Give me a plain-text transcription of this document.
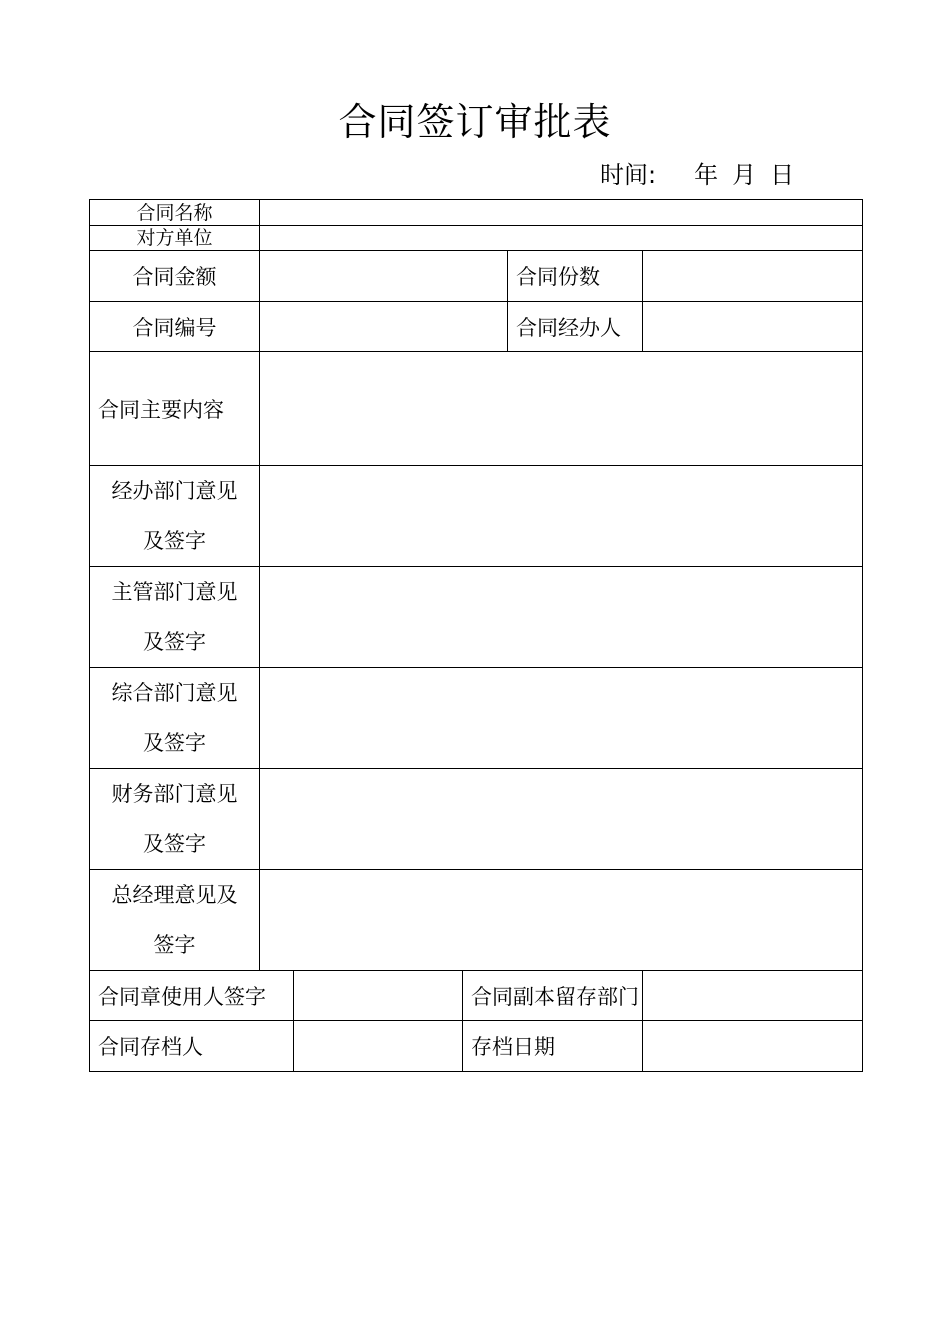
合同签订审批表
时间: 年 月 日
合同名称					
对方单位					
合同金额				合同份数	
合同编号				合同经办人	
合同主要内容					

经办部门意见
及签字					

主管部门意见
及签字					

综合部门意见
及签字					

财务部门意见
及签字					

总经理意见及
签字					

合同章使用人签字			合同副本留存部门		
合同存档人			存档日期		
